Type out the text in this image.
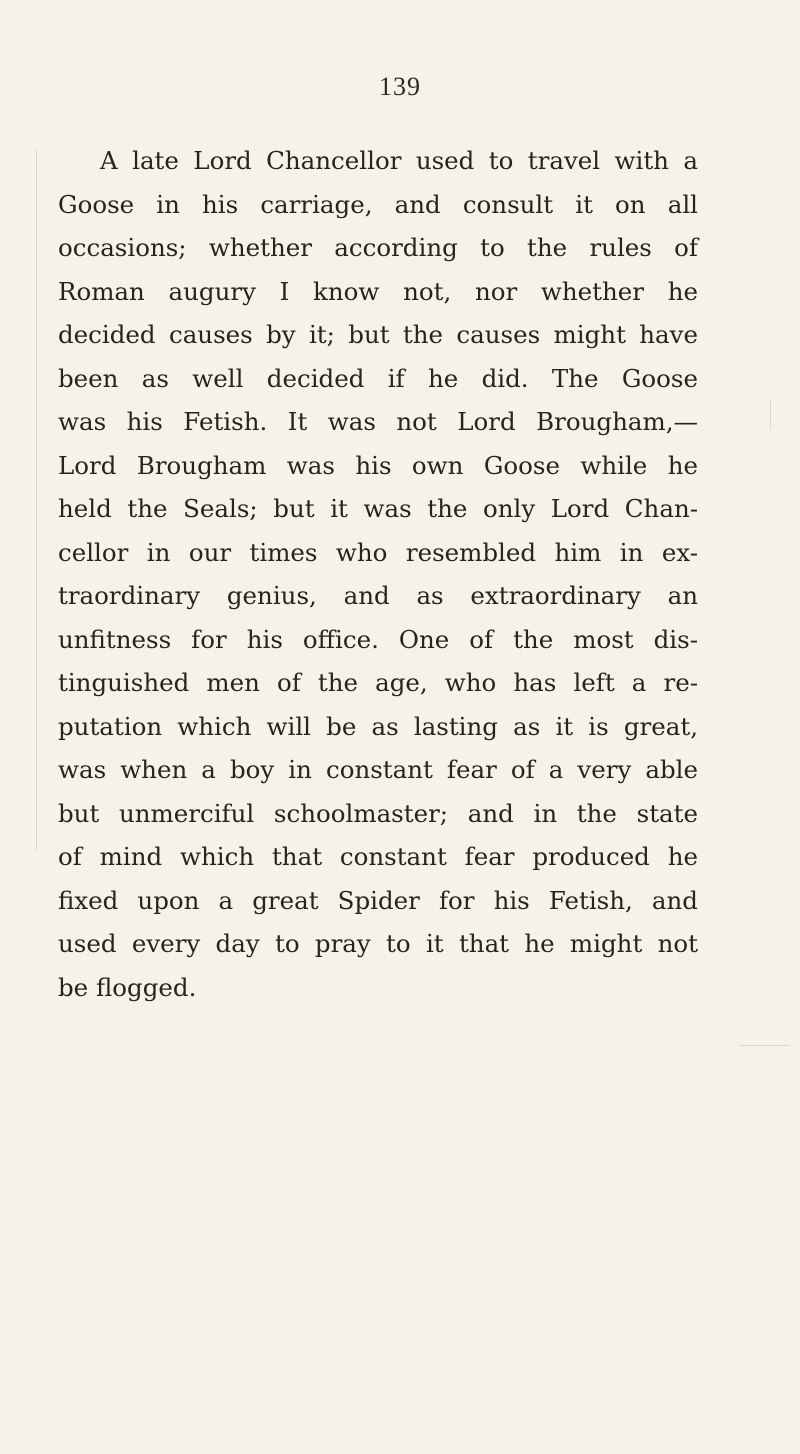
139
A late Lord Chancellor used to travel with a
Goose in his carriage, and consult it on all
occasions; whether according to the rules of
Roman augury I know not, nor whether he
decided causes by it; but the causes might have
been as well decided if he did. The Goose
was his Fetish. It was not Lord Brougham,—
Lord Brougham was his own Goose while he
held the Seals; but it was the only Lord Chan-
cellor in our times who resembled him in ex-
traordinary genius, and as extraordinary an
unfitness for his office. One of the most dis-
tinguished men of the age, who has left a re-
putation which will be as lasting as it is great,
was when a boy in constant fear of a very able
but unmerciful schoolmaster; and in the state
of mind which that constant fear produced he
fixed upon a great Spider for his Fetish, and
used every day to pray to it that he might not
be flogged.
